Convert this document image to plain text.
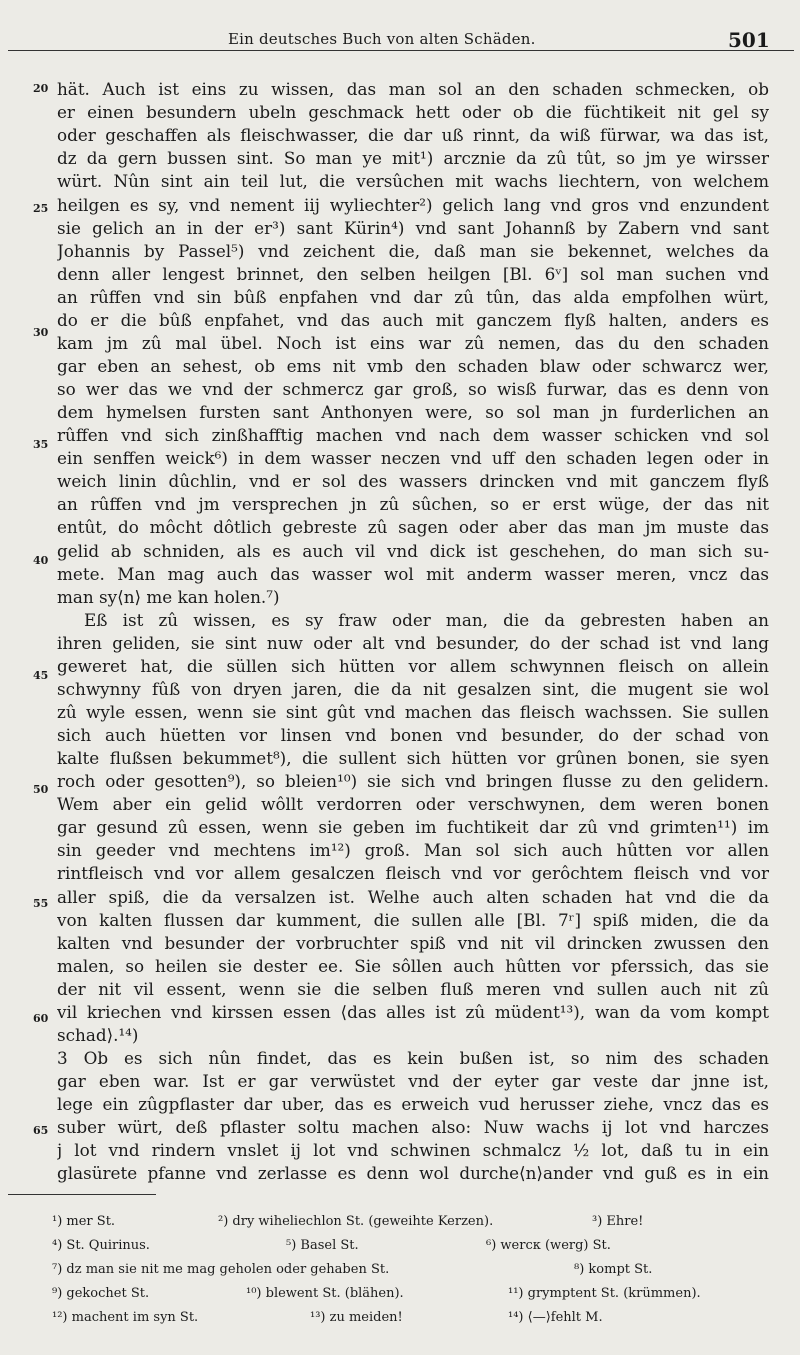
Ein deutsches Buch von alten Schäden.	501
20
25
30
35
40
45
50
55
60
65
hät. Auch ist eins zu wissen, das man sol an den schaden schmecken, ob
er einen besundern ubeln geschmack hett oder ob die füchtikeit nit gel sy
oder geschaffen als fleischwasser, die dar uß rinnt, da wiß fürwar, wa das ist,
dz da gern bussen sint. So man ye mit¹) arcznie da zû tût, so jm ye wirsser
würt. Nûn sint ain teil lut, die versûchen mit wachs liechtern, von welchem
heilgen es sy, vnd nement iij wyliechter²) gelich lang vnd gros vnd enzundent
sie gelich an in der er³) sant Kürin⁴) vnd sant Johannß by Zabern vnd sant
Johannis by Passel⁵) vnd zeichent die, daß man sie bekennet, welches da
denn aller lengest brinnet, den selben heilgen [Bl. 6ᵛ] sol man suchen vnd
an rûffen vnd sin bûß enpfahen vnd dar zû tûn, das alda empfolhen würt,
do er die bûß enpfahet, vnd das auch mit ganczem flyß halten, anders es
kam jm zû mal übel. Noch ist eins war zû nemen, das du den schaden
gar eben an sehest, ob ems nit vmb den schaden blaw oder schwarcz wer,
so wer das we vnd der schmercz gar groß, so wisß furwar, das es denn von
dem hymelsen fursten sant Anthonyen were, so sol man jn furderlichen an
rûffen vnd sich zinßhafftig machen vnd nach dem wasser schicken vnd sol
ein senffen weick⁶) in dem wasser neczen vnd uff den schaden legen oder in
weich linin dûchlin, vnd er sol des wassers drincken vnd mit ganczem flyß
an rûffen vnd jm versprechen jn zû sûchen, so er erst wüge, der das nit
entût, do môcht dôtlich gebreste zû sagen oder aber das man jm muste das
gelid ab schniden, als es auch vil vnd dick ist geschehen, do man sich su-
mete. Man mag auch das wasser wol mit anderm wasser meren, vncz das
man sy⟨n⟩ me kan holen.⁷)
Eß ist zû wissen, es sy fraw oder man, die da gebresten haben an
ihren geliden, sie sint nuw oder alt vnd besunder, do der schad ist vnd lang
geweret hat, die süllen sich hütten vor allem schwynnen fleisch on allein
schwynny fûß von dryen jaren, die da nit gesalzen sint, die mugent sie wol
zû wyle essen, wenn sie sint gût vnd machen das fleisch wachssen. Sie sullen
sich auch hüetten vor linsen vnd bonen vnd besunder, do der schad von
kalte flußsen bekummet⁸), die sullent sich hütten vor grûnen bonen, sie syen
roch oder gesotten⁹), so bleien¹⁰) sie sich vnd bringen flusse zu den gelidern.
Wem aber ein gelid wôllt verdorren oder verschwynen, dem weren bonen
gar gesund zû essen, wenn sie geben im fuchtikeit dar zû vnd grimten¹¹) im
sin geeder vnd mechtens im¹²) groß. Man sol sich auch hûtten vor allen
rintfleisch vnd vor allem gesalczen fleisch vnd vor gerôchtem fleisch vnd vor
aller spiß, die da versalzen ist. Welhe auch alten schaden hat vnd die da
von kalten flussen dar kumment, die sullen alle [Bl. 7ʳ] spiß miden, die da
kalten vnd besunder der vorbruchter spiß vnd nit vil drincken zwussen den
malen, so heilen sie dester ee. Sie sôllen auch hûtten vor pferssich, das sie
der nit vil essent, wenn sie die selben fluß meren vnd sullen auch nit zû
vil kriechen vnd kirssen essen ⟨das alles ist zû müdent¹³), wan da vom kompt
schad⟩.¹⁴)
3 Ob es sich nûn findet, das es kein bußen ist, so nim des schaden
gar eben war. Ist er gar verwüstet vnd der eyter gar veste dar jnne ist,
lege ein zûgpflaster dar uber, das es erweich vud herusser ziehe, vncz das es
suber würt, deß pflaster soltu machen also: Nuw wachs ij lot vnd harczes
j lot vnd rindern vnslet ij lot vnd schwinen schmalcz ½ lot, daß tu in ein
glasürete pfanne vnd zerlasse es denn wol durche⟨n⟩ander vnd guß es in ein
¹) mer St.	²) dry wiheliechlon St. (geweihte Kerzen).	³) Ehre!
⁴) St. Quirinus.	⁵) Basel St.	⁶) wercк (werg) St.
⁷) dz man sie nit me mag geholen oder gehaben St.	⁸) kompt St.
⁹) gekochet St.	¹⁰) blewent St. (blähen).	¹¹) grymptent St. (krümmen).
¹²) machent im syn St.	¹³) zu meiden!	¹⁴) ⟨—⟩fehlt M.
